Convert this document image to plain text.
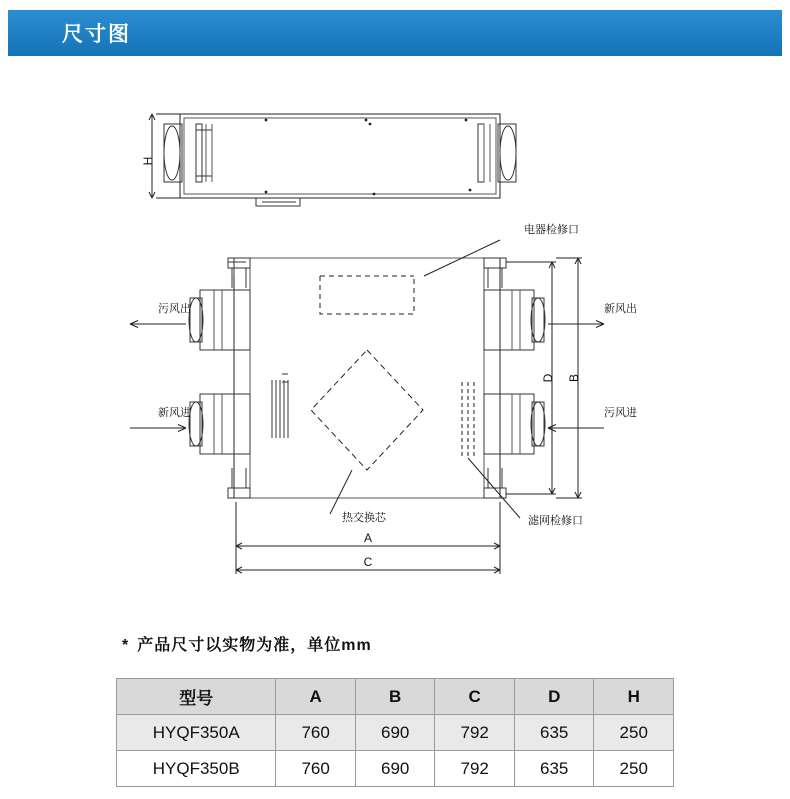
尺寸图
H
电器检修口
热交换芯	滤网检修口
污风出
新风进
新风出
污风进
D B
A
C
* 产品尺寸以实物为准，单位mm
型号	A	B	C	D	H
HYQF350A	760	690	792	635	250
HYQF350B	760	690	792	635	250
